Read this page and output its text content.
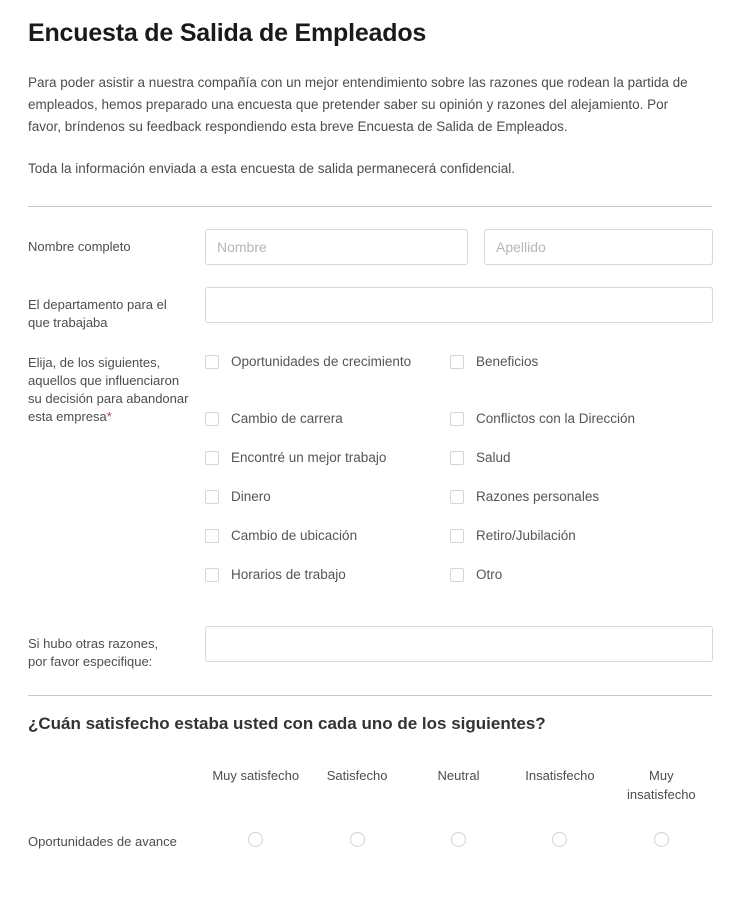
Encuesta de Salida de Empleados

Para poder asistir a nuestra compañía con un mejor entendimiento sobre las razones que rodean la partida de empleados, hemos preparado una encuesta que pretender saber su opinión y razones del alejamiento. Por favor, bríndenos su feedback respondiendo esta breve Encuesta de Salida de Empleados.

Toda la información enviada a esta encuesta de salida permanecerá confidencial.

Nombre completo
Nombre
Apellido
El departamento para el
que trabajaba
Elija, de los siguientes, aquellos que influenciaron su decisión para abandonar esta empresa*
Oportunidades de crecimiento	Beneficios
Cambio de carrera	Conflictos con la Dirección
Encontré un mejor trabajo	Salud
Dinero	Razones personales
Cambio de ubicación	Retiro/Jubilación
Horarios de trabajo	Otro
Si hubo otras razones,
por favor especifique:
¿Cuán satisfecho estaba usted con cada uno de los siguientes?
Muy satisfecho	Satisfecho	Neutral	Insatisfecho	Muy insatisfecho
Oportunidades de avance
